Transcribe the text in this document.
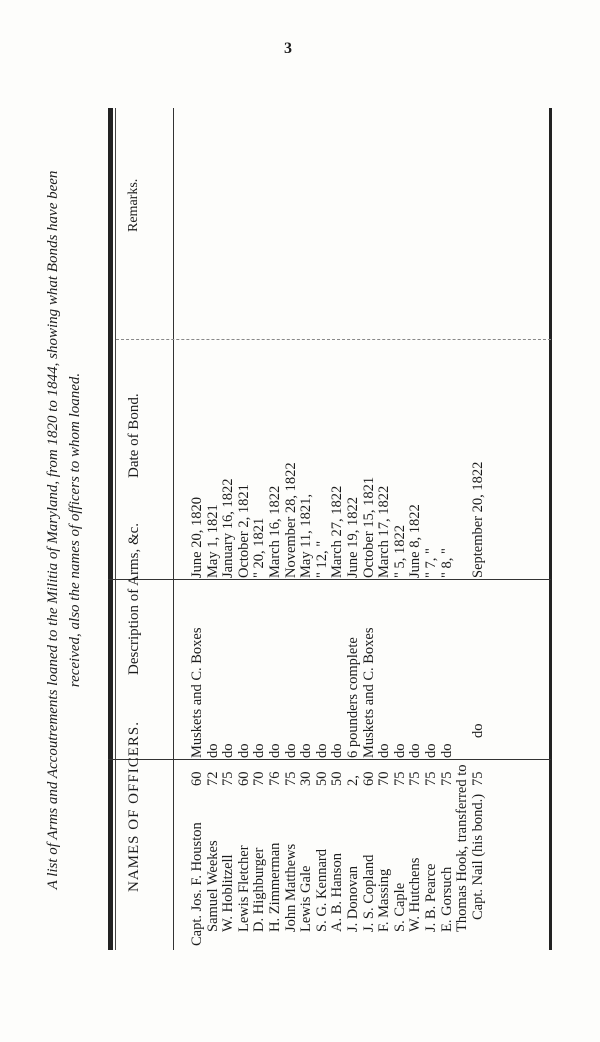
3
A list of Arms and Accoutrements loaned to the Militia of Maryland, from 1820 to 1844, showing what Bonds have been received, also the names of officers to whom loaned.
NAMES OF OFFICERS.
Description of Arms, &c.
Date of Bond.
Remarks.
Capt. Jos. F. Houston
60
Muskets and C. Boxes
June 20, 1820
Samuel Weekes
72
do
May 1, 1821
W. Hoblitzell
75
do
January 16, 1822
Lewis Fletcher
60
do
October 2, 1821
D. Highburger
70
do
" 20, 1821
H. Zimmerman
76
do
March 16, 1822
John Matthews
75
do
November 28, 1822
Lewis Gale
30
do
May 11, 1821,
S. G. Kennard
50
do
" 12, "
A. B. Hanson
50
do
March 27, 1822
J. Donovan
2,
6 pounders complete
June 19, 1822
J. S. Copland
60
Muskets and C. Boxes
October 15, 1821
F. Massing
70
do
March 17, 1822
S. Caple
75
do
" 5, 1822
W. Hutchens
75
do
June 8, 1822
J. B. Pearce
75
do
" 7, "
E. Gorsuch
75
do
" 8, "
Thomas Hook, transferred to Capt. Nail (his bond.)
75
do
September 20, 1822
